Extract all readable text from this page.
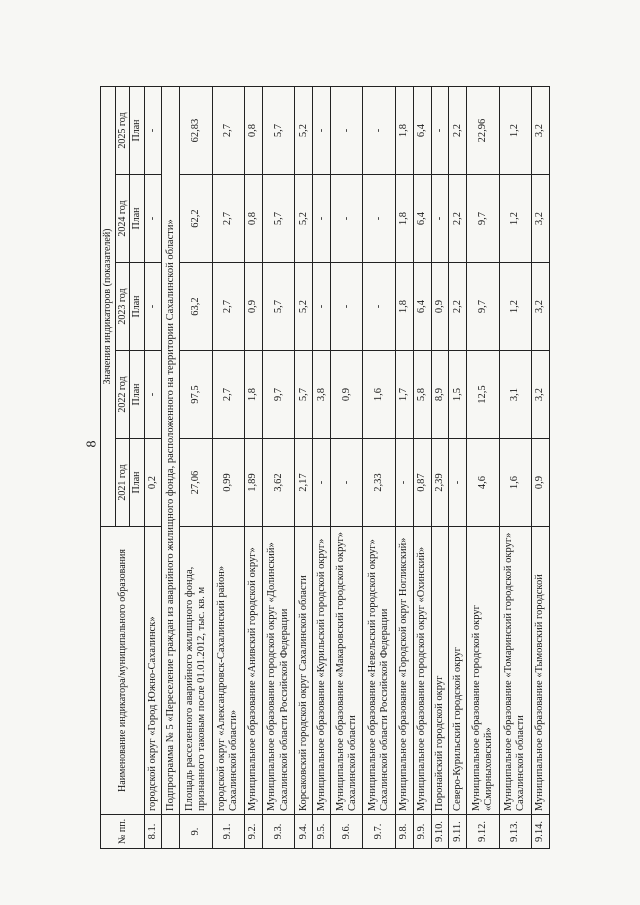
8
№ пп.	Наименование индикатора/муниципального образования	Значения индикаторов (показателей)				
		2021 год	2022 год	2023 год	2024 год	2025 год
		План	План	План	План	План
8.1.	городской округ «Город Южно-Сахалинск»	0,2	-	-	-	-
	Подпрограмма № 5 «Переселение граждан из аварийного жилищного фонда, расположенного на территории Сахалинской области»					
9.	Площадь расселенного аварийного жилищного фонда, признанного таковым после 01.01.2012, тыс. кв. м	27,06	97,5	63,2	62,2	62,83
9.1.	городской округ «Александровск-Сахалинский район» Сахалинской области»	0,99	2,7	2,7	2,7	2,7
9.2.	Муниципальное образование «Анивский городской округ»	1,89	1,8	0,9	0,8	0,8
9.3.	Муниципальное образование городской округ «Долинский» Сахалинской области Российской Федерации	3,62	9,7	5,7	5,7	5,7
9.4.	Корсаковский городской округ Сахалинской области	2,17	5,7	5,2	5,2	5,2
9.5.	Муниципальное образование «Курильский городской округ»	-	3,8	-	-	-
9.6.	Муниципальное образование «Макаровский городской округ» Сахалинской области	-	0,9	-	-	-
9.7.	Муниципальное образование «Невельский городской округ» Сахалинской области Российской Федерации	2,33	1,6	-	-	-
9.8.	Муниципальное образование «Городской округ Ногликский»	-	1,7	1,8	1,8	1,8
9.9.	Муниципальное образование городской округ «Охинский»	0,87	5,8	6,4	6,4	6,4
9.10.	Поронайский городской округ	2,39	8,9	0,9	-	-
9.11.	Северо-Курильский городской округ	-	1,5	2,2	2,2	2,2
9.12.	Муниципальное образование городской округ «Смирныховский»	4,6	12,5	9,7	9,7	22,96
9.13.	Муниципальное образование «Томаринский городской округ» Сахалинской области	1,6	3,1	1,2	1,2	1,2
9.14.	Муниципальное образование «Тымовский городской	0,9	3,2	3,2	3,2	3,2
